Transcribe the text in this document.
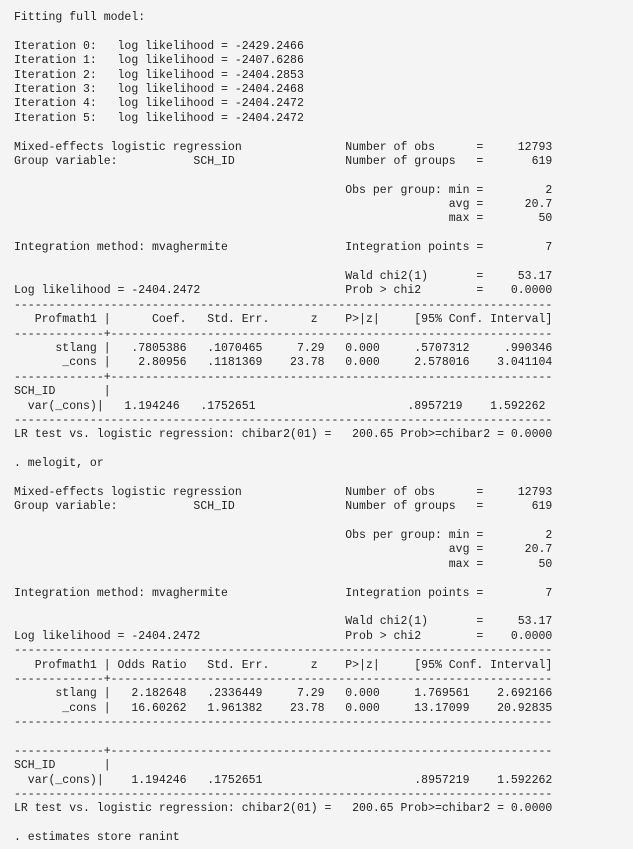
Fitting full model:
Iteration 0:   log likelihood = -2429.2466
Iteration 1:   log likelihood = -2407.6286
Iteration 2:   log likelihood = -2404.2853
Iteration 3:   log likelihood = -2404.2468
Iteration 4:   log likelihood = -2404.2472
Iteration 5:   log likelihood = -2404.2472
Mixed-effects logistic regression               Number of obs      =     12793
Group variable:           SCH_ID                Number of groups   =       619
Obs per group: min =         2
avg =      20.7
max =        50
Integration method: mvaghermite                 Integration points =         7
Wald chi2(1)       =     53.17
Log likelihood = -2404.2472                     Prob > chi2        =    0.0000
------------------------------------------------------------------------------
Profmath1 |      Coef.   Std. Err.      z    P>|z|     [95% Conf. Interval]
-------------+----------------------------------------------------------------
stlang |   .7805386   .1070465     7.29   0.000     .5707312     .990346
_cons |    2.80956   .1181369    23.78   0.000     2.578016    3.041104
-------------+----------------------------------------------------------------
SCH_ID       |
var(_cons)|   1.194246   .1752651                      .8957219    1.592262
------------------------------------------------------------------------------
LR test vs. logistic regression: chibar2(01) =   200.65 Prob>=chibar2 = 0.0000
. melogit, or
Mixed-effects logistic regression               Number of obs      =     12793
Group variable:           SCH_ID                Number of groups   =       619
Obs per group: min =         2
avg =      20.7
max =        50
Integration method: mvaghermite                 Integration points =         7
Wald chi2(1)       =     53.17
Log likelihood = -2404.2472                     Prob > chi2        =    0.0000
------------------------------------------------------------------------------
Profmath1 | Odds Ratio   Std. Err.      z    P>|z|     [95% Conf. Interval]
-------------+----------------------------------------------------------------
stlang |   2.182648   .2336449     7.29   0.000     1.769561    2.692166
_cons |   16.60262   1.961382    23.78   0.000     13.17099    20.92835
------------------------------------------------------------------------------
-------------+----------------------------------------------------------------
SCH_ID       |
var(_cons)|    1.194246   .1752651                      .8957219    1.592262
------------------------------------------------------------------------------
LR test vs. logistic regression: chibar2(01) =   200.65 Prob>=chibar2 = 0.0000
. estimates store ranint
